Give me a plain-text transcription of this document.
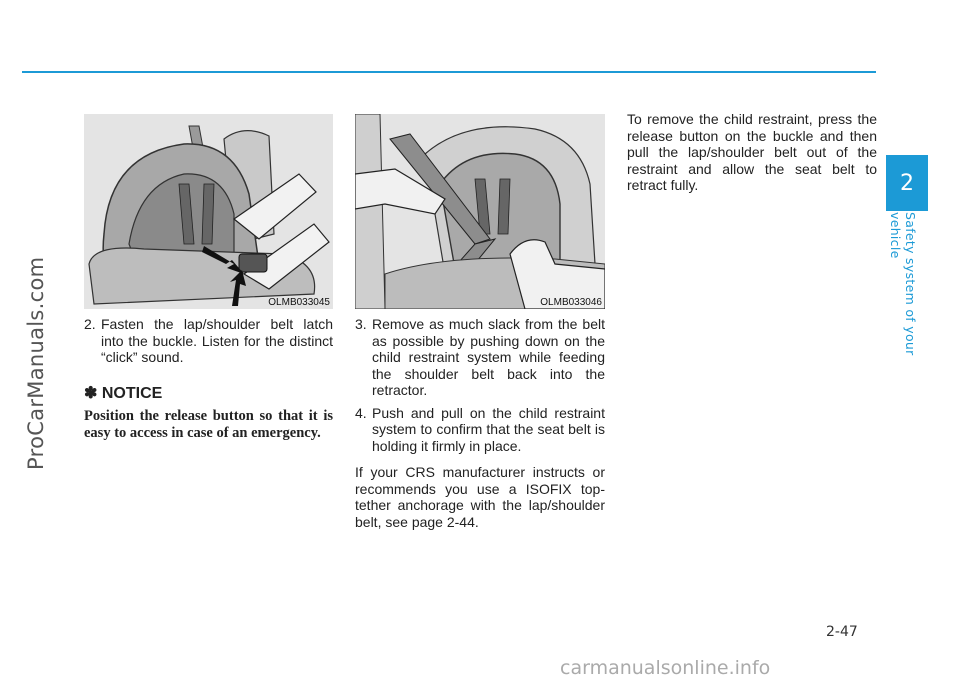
2
Safety system of your vehicle
ProCarManuals.com	OLMB033045	OLMB033046
2. Fasten the lap/shoulder belt latch into the buckle. Listen for the distinct “click” sound.
✽ NOTICE
Position the release button so that it is easy to access in case of an emergency.
3. Remove as much slack from the belt as possible by pushing down on the child restraint system while feeding the shoulder belt back into the retractor.
4. Push and pull on the child restraint system to confirm that the seat belt is holding it firmly in place.
If your CRS manufacturer instructs or recommends you use a ISOFIX top-tether anchorage with the lap/shoulder belt, see page 2-44.
To remove the child restraint, press the release button on the buckle and then pull the lap/shoulder belt out of the restraint and allow the seat belt to retract fully.
2-47
carmanualsonline.info
